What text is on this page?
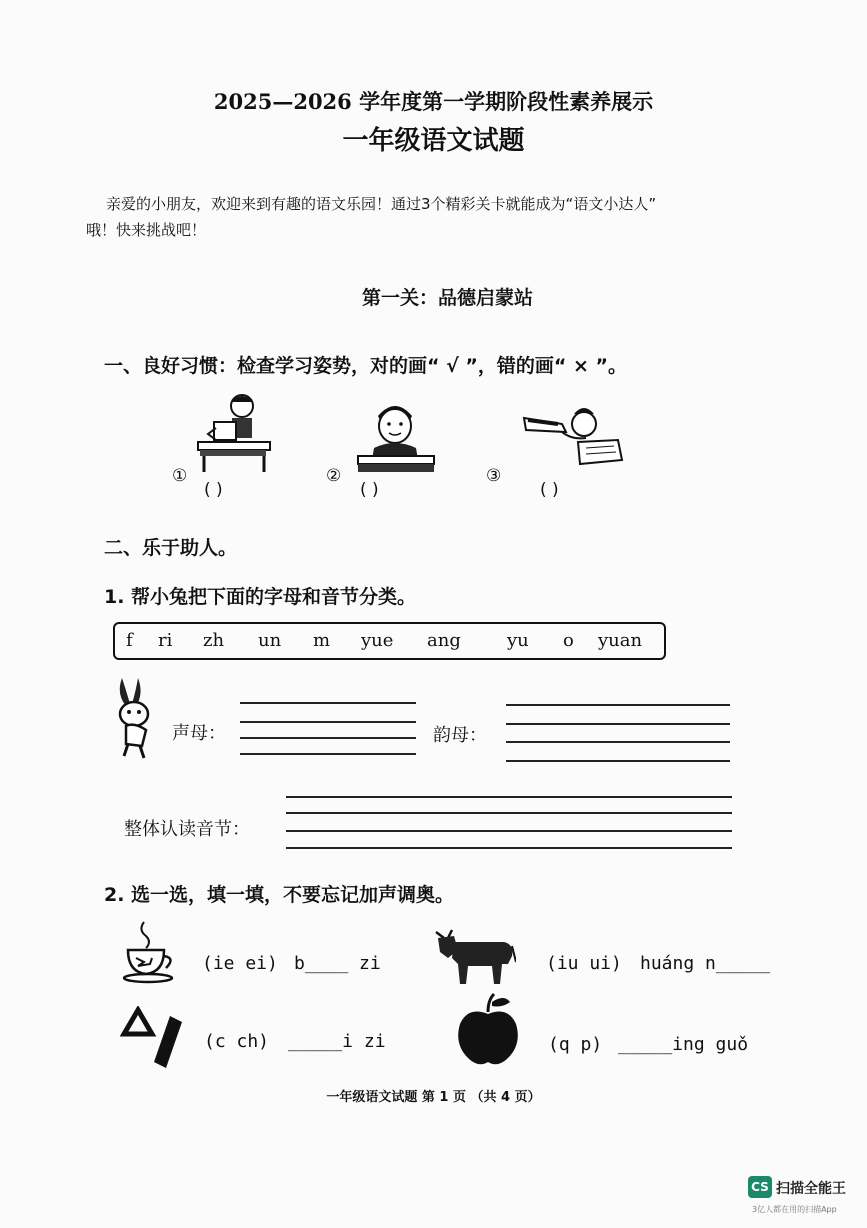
2025—2026 学年度第一学期阶段性素养展示
一年级语文试题
亲爱的小朋友，欢迎来到有趣的语文乐园！通过3个精彩关卡就能成为“语文小达人”
哦！快来挑战吧！
第一关：品德启蒙站
一、良好习惯：检查学习姿势，对的画“ √ ”，错的画“ × ”。
①
( )
②
( )
③
( )
二、乐于助人。
1. 帮小兔把下面的字母和音节分类。
f ri zh un m yue ang	yu o yuan
声母：	韵母：
整体认读音节：
2. 选一选，填一填，不要忘记加声调奥。
(ie ei) b____ zi	(iu ui) huáng n_____
(c ch) _____i zi	(q p) _____ing guǒ
一年级语文试题 第 1 页 （共 4 页）
CS 扫描全能王
3亿人都在用的扫描App
